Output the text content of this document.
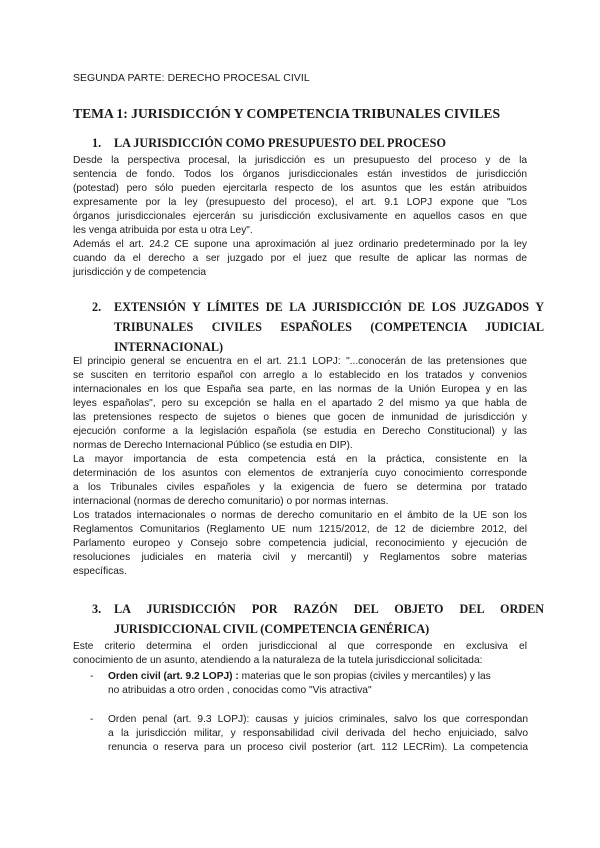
SEGUNDA PARTE: DERECHO PROCESAL CIVIL

TEMA 1: JURISDICCIÓN Y COMPETENCIA TRIBUNALES CIVILES

1. LA JURISDICCIÓN COMO PRESUPUESTO DEL PROCESO

Desde la perspectiva procesal, la jurisdicción es un presupuesto del proceso y de la

sentencia de fondo. Todos los órganos jurisdiccionales están investidos de jurisdicción

(potestad) pero sólo pueden ejercitarla respecto de los asuntos que les están atribuidos

expresamente por la ley (presupuesto del proceso), el art. 9.1 LOPJ expone que "Los

órganos jurisdiccionales ejercerán su jurisdicción exclusivamente en aquellos casos en que

les venga atribuida por esta u otra Ley".

Además el art. 24.2 CE supone una aproximación al juez ordinario predeterminado por la ley

cuando da el derecho a ser juzgado por el juez que resulte de aplicar las normas de

jurisdicción y de competencia

2. EXTENSIÓN Y LÍMITES DE LA JURISDICCIÓN DE LOS JUZGADOS Y
TRIBUNALES CIVILES ESPAÑOLES (COMPETENCIA JUDICIAL
INTERNACIONAL)

El principio general se encuentra en el art. 21.1 LOPJ: "...conocerán de las pretensiones que

se susciten en territorio español con arreglo a lo establecido en los tratados y convenios

internacionales en los que España sea parte, en las normas de la Unión Europea y en las

leyes españolas", pero su excepción se halla en el apartado 2 del mismo ya que habla de

las pretensiones respecto de sujetos o bienes que gocen de inmunidad de jurisdicción y

ejecución conforme a la legislación española (se estudia en Derecho Constitucional) y las

normas de Derecho Internacional Público (se estudia en DIP).

La mayor importancia de esta competencia está en la práctica, consistente en la

determinación de los asuntos con elementos de extranjería cuyo conocimiento corresponde

a los Tribunales civiles españoles y la exigencia de fuero se determina por tratado

internacional (normas de derecho comunitario) o por normas internas.

Los tratados internacionales o normas de derecho comunitario en el ámbito de la UE son los

Reglamentos Comunitarios (Reglamento UE num 1215/2012, de 12 de diciembre 2012, del

Parlamento europeo y Consejo sobre competencia judicial, reconocimiento y ejecución de

resoluciones judiciales en materia civil y mercantil) y Reglamentos sobre materias

específicas.

3. LA JURISDICCIÓN POR RAZÓN DEL OBJETO DEL ORDEN
JURISDICCIONAL CIVIL (COMPETENCIA GENÉRICA)

Este criterio determina el orden jurisdiccional al que corresponde en exclusiva el

conocimiento de un asunto, atendiendo a la naturaleza de la tutela jurisdiccional solicitada:

- Orden civil (art. 9.2 LOPJ) : materias que le son propias (civiles y mercantiles) y las

no atribuidas a otro orden , conocidas como "Vis atractiva"

- Orden penal (art. 9.3 LOPJ): causas y juicios criminales, salvo los que correspondan

a la jurisdicción militar, y responsabilidad civil derivada del hecho enjuiciado, salvo

renuncia o reserva para un proceso civil posterior (art. 112 LECRim). La competencia
